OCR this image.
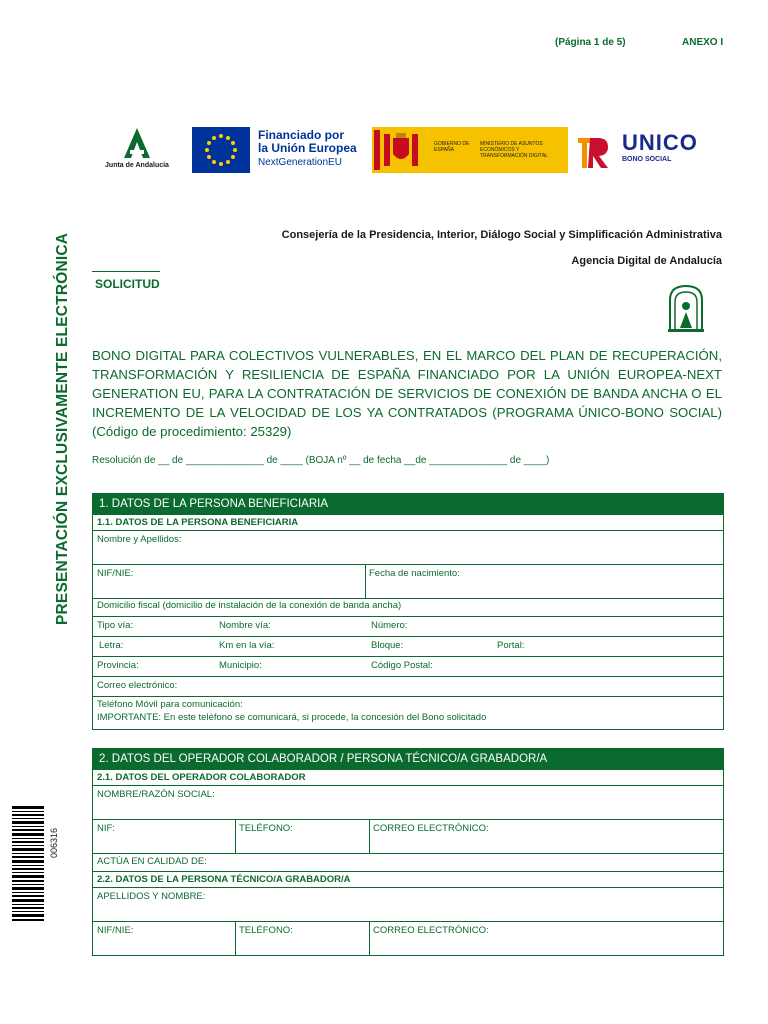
(Página 1 de 5)	ANEXO I
Junta de Andalucía
Financiado por
la Unión Europea
NextGenerationEU
GOBIERNO DE ESPAÑA
MINISTERIO DE ASUNTOS ECONÓMICOS Y TRANSFORMACIÓN DIGITAL
UNICO
BONO SOCIAL
PRESENTACIÓN EXCLUSIVAMENTE ELECTRÓNICA	Consejería de la Presidencia, Interior, Diálogo Social y Simplificación Administrativa
Agencia Digital de Andalucía
SOLICITUD
BONO DIGITAL PARA COLECTIVOS VULNERABLES, EN EL MARCO DEL PLAN DE RECUPERACIÓN, TRANSFORMACIÓN Y RESILIENCIA DE ESPAÑA FINANCIADO POR LA UNIÓN EUROPEA-NEXT GENERATION EU, PARA LA CONTRATACIÓN DE SERVICIOS DE CONEXIÓN DE BANDA ANCHA O EL INCREMENTO DE LA VELOCIDAD DE LOS YA CONTRATADOS (PROGRAMA ÚNICO-BONO SOCIAL) (Código de procedimiento: 25329)
Resolución de __ de ______________ de ____ (BOJA nº __ de fecha __de ______________ de ____)
1. DATOS DE LA PERSONA BENEFICIARIA
1.1. DATOS DE LA PERSONA BENEFICIARIA
Nombre y Apellidos:
NIF/NIE:	Fecha de nacimiento:
Domicilio fiscal (domicilio de instalación de la conexión de banda ancha)
Tipo vía:	Nombre vía:	Número:
Letra:	Km en la vía:	Bloque:	Portal:
Provincia:	Municipio:	Código Postal:
Correo electrónico:
Teléfono Móvil para comunicación:
IMPORTANTE: En este teléfono se comunicará, si procede, la concesión del Bono solicitado
2. DATOS DEL OPERADOR COLABORADOR / PERSONA TÉCNICO/A GRABADOR/A
2.1. DATOS DEL OPERADOR COLABORADOR
NOMBRE/RAZÓN SOCIAL:
NIF:	TELÉFONO:	CORREO ELECTRÓNICO:
ACTÚA EN CALIDAD DE:
2.2. DATOS DE LA PERSONA TÉCNICO/A GRABADOR/A
APELLIDOS Y NOMBRE:
NIF/NIE:	TELÉFONO:	CORREO ELECTRÓNICO:
006316
